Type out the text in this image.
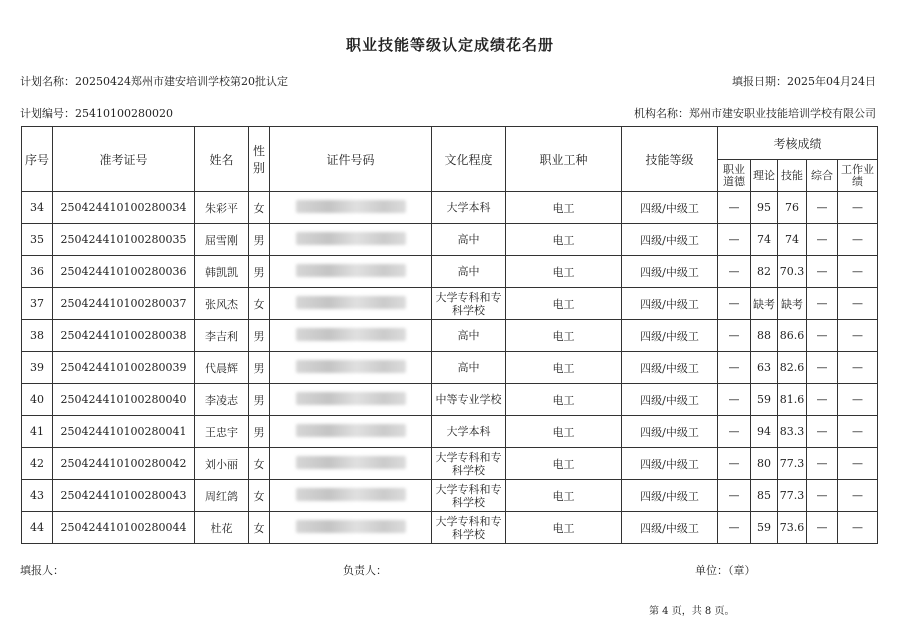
职业技能等级认定成绩花名册
计划名称：20250424郑州市建安培训学校第20批认定	填报日期：2025年04月24日
计划编号：25410100280020	机构名称：郑州市建安职业技能培训学校有限公司
序号	准考证号	姓名	性别	证件号码	文化程度	职业工种	技能等级	考核成绩				
								职业道德	理论	技能	综合	工作业绩
34	250424410100280034	朱彩平	女		大学本科	电工	四级/中级工	—	95	76	—	—
35	250424410100280035	屈雪刚	男		高中	电工	四级/中级工	—	74	74	—	—
36	250424410100280036	韩凯凯	男		高中	电工	四级/中级工	—	82	70.3	—	—
37	250424410100280037	张风杰	女		大学专科和专科学校	电工	四级/中级工	—	缺考	缺考	—	—
38	250424410100280038	李吉利	男		高中	电工	四级/中级工	—	88	86.6	—	—
39	250424410100280039	代晨辉	男		高中	电工	四级/中级工	—	63	82.6	—	—
40	250424410100280040	李凌志	男		中等专业学校	电工	四级/中级工	—	59	81.6	—	—
41	250424410100280041	王忠宇	男		大学本科	电工	四级/中级工	—	94	83.3	—	—
42	250424410100280042	刘小丽	女		大学专科和专科学校	电工	四级/中级工	—	80	77.3	—	—
43	250424410100280043	周红鸽	女		大学专科和专科学校	电工	四级/中级工	—	85	77.3	—	—
44	250424410100280044	杜花	女		大学专科和专科学校	电工	四级/中级工	—	59	73.6	—	—
填报人：	负责人：	单位：（章）
第 4 页，共 8 页。
